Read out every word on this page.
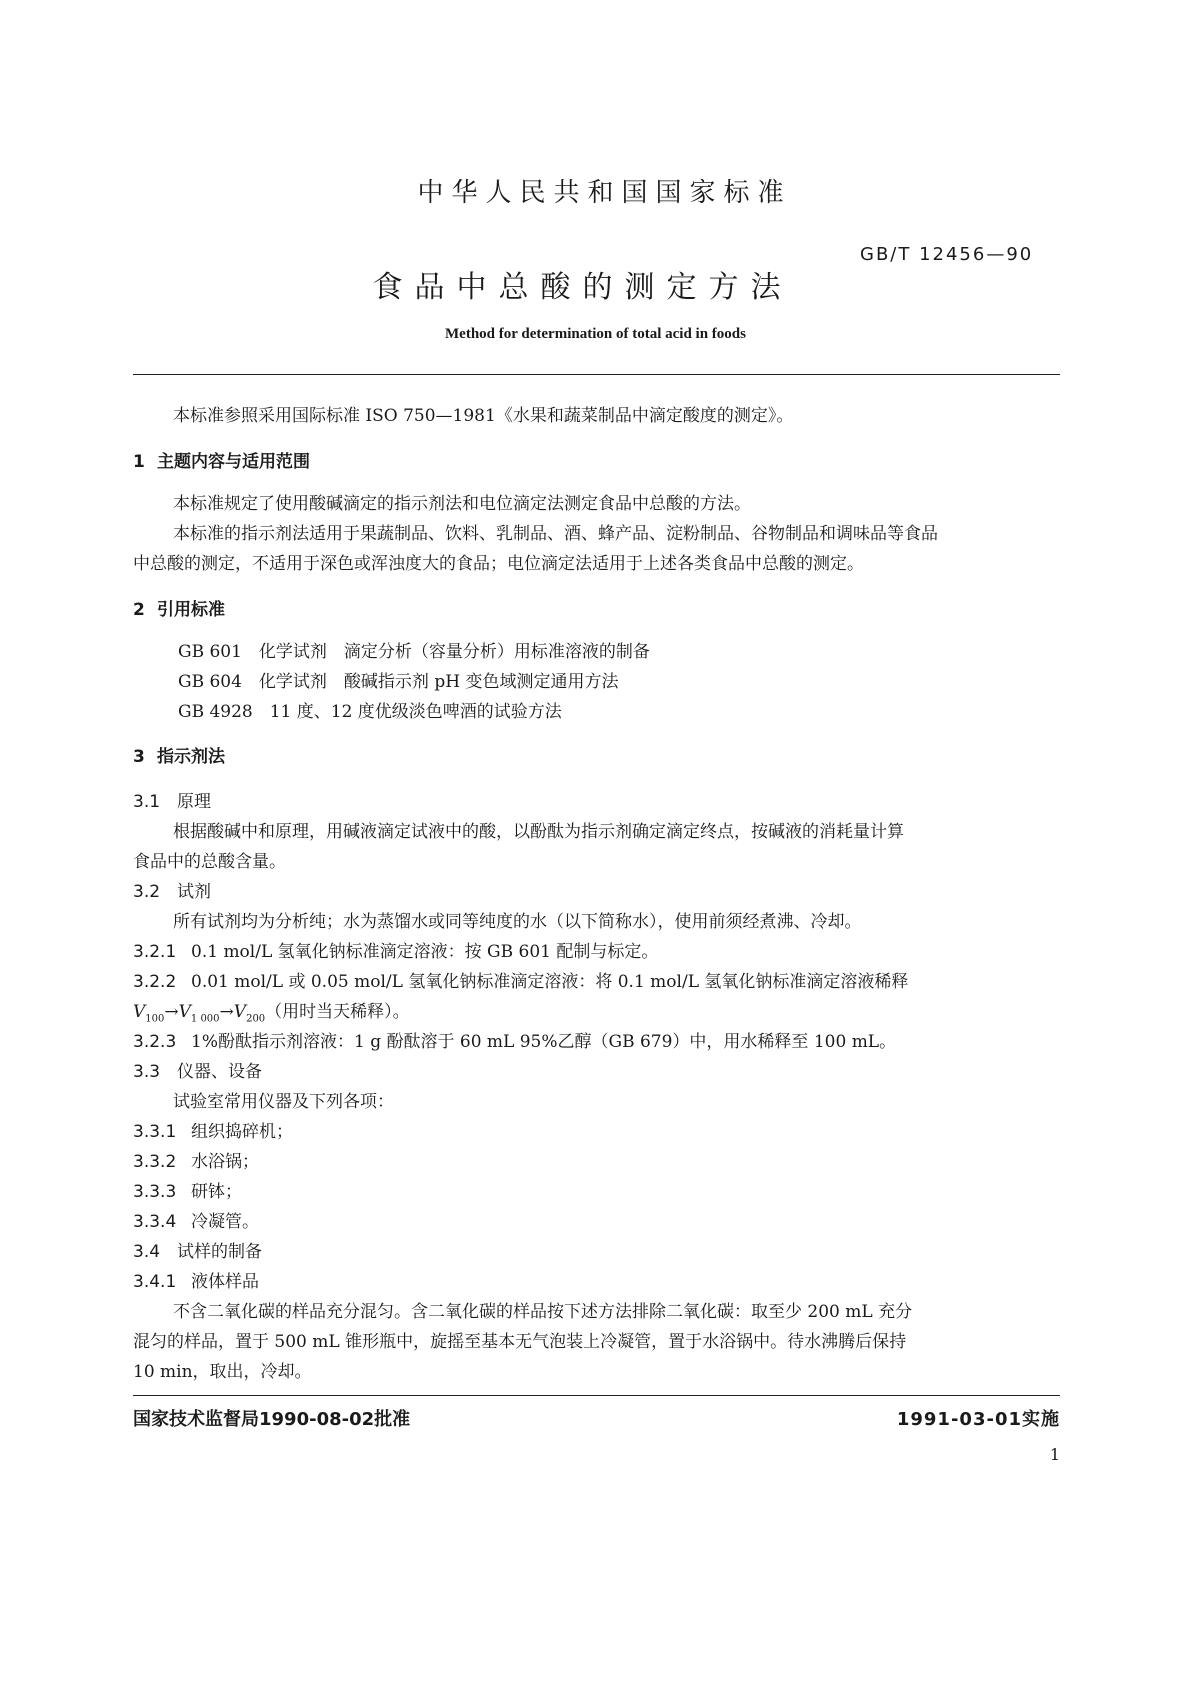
中华人民共和国国家标准
GB/T 12456—90
食品中总酸的测定方法
Method for determination of total acid in foods
本标准参照采用国际标准 ISO 750—1981《水果和蔬菜制品中滴定酸度的测定》。
1 主题内容与适用范围
本标准规定了使用酸碱滴定的指示剂法和电位滴定法测定食品中总酸的方法。
本标准的指示剂法适用于果蔬制品、饮料、乳制品、酒、蜂产品、淀粉制品、谷物制品和调味品等食品
中总酸的测定，不适用于深色或浑浊度大的食品；电位滴定法适用于上述各类食品中总酸的测定。
2 引用标准
GB 601　化学试剂　滴定分析（容量分析）用标准溶液的制备
GB 604　化学试剂　酸碱指示剂 pH 变色域测定通用方法
GB 4928　11 度、12 度优级淡色啤酒的试验方法
3 指示剂法
3.1 原理
根据酸碱中和原理，用碱液滴定试液中的酸，以酚酞为指示剂确定滴定终点，按碱液的消耗量计算
食品中的总酸含量。
3.2 试剂
所有试剂均为分析纯；水为蒸馏水或同等纯度的水（以下简称水），使用前须经煮沸、冷却。
3.2.1 0.1 mol/L 氢氧化钠标准滴定溶液：按 GB 601 配制与标定。
3.2.2 0.01 mol/L 或 0.05 mol/L 氢氧化钠标准滴定溶液：将 0.1 mol/L 氢氧化钠标准滴定溶液稀释
$V_{100}\to V_{1 000}\to V_{200}$（用时当天稀释）。
3.2.3 1%酚酞指示剂溶液：1 g 酚酞溶于 60 mL 95%乙醇（GB 679）中，用水稀释至 100 mL。
3.3 仪器、设备
试验室常用仪器及下列各项：
3.3.1 组织捣碎机；
3.3.2 水浴锅；
3.3.3 研钵；
3.3.4 冷凝管。
3.4 试样的制备
3.4.1 液体样品
不含二氧化碳的样品充分混匀。含二氧化碳的样品按下述方法排除二氧化碳：取至少 200 mL 充分
混匀的样品，置于 500 mL 锥形瓶中，旋摇至基本无气泡装上冷凝管，置于水浴锅中。待水沸腾后保持
10 min，取出，冷却。
国家技术监督局1990-08-02批准	1991-03-01实施
1
